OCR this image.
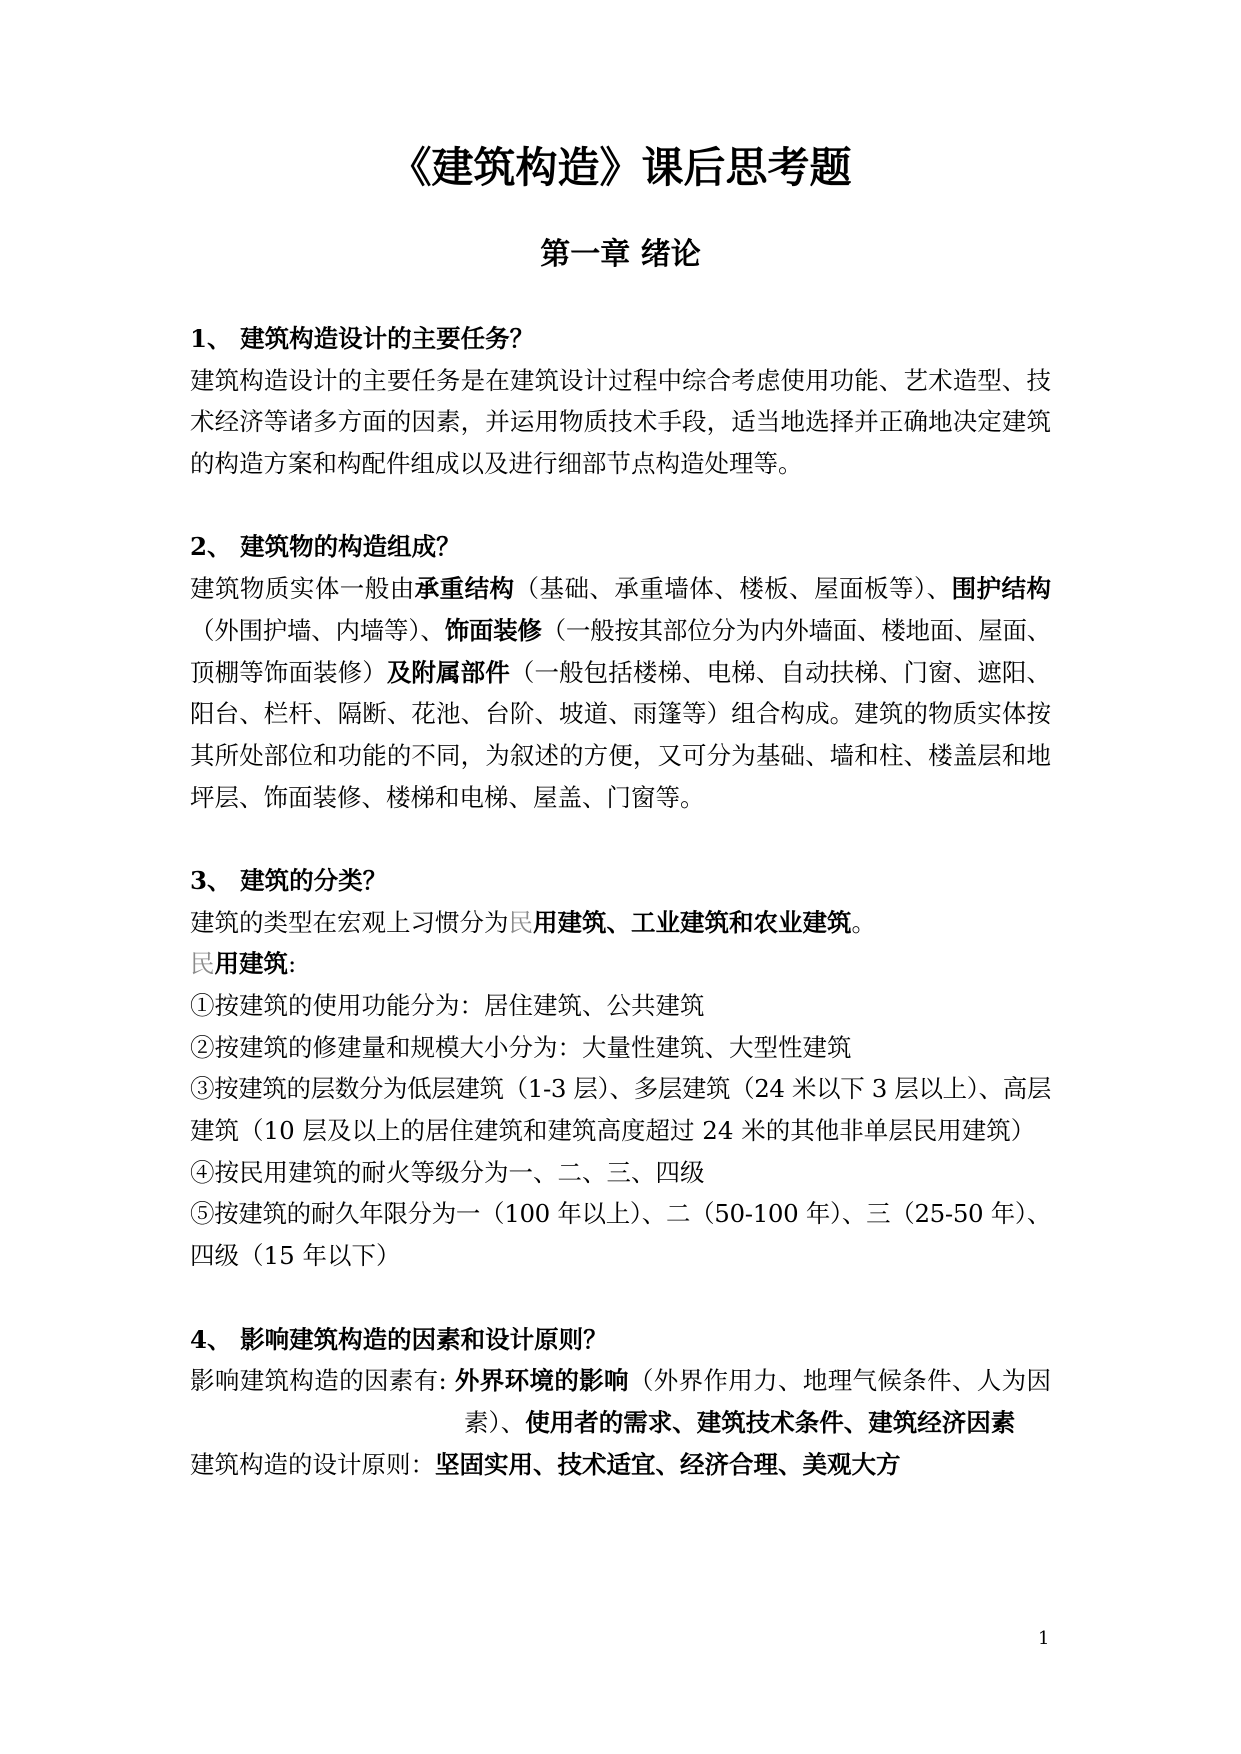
《建筑构造》课后思考题
第一章 绪论
1、 建筑构造设计的主要任务？
建筑构造设计的主要任务是在建筑设计过程中综合考虑使用功能、艺术造型、技
术经济等诸多方面的因素，并运用物质技术手段，适当地选择并正确地决定建筑
的构造方案和构配件组成以及进行细部节点构造处理等。
2、 建筑物的构造组成？
建筑物质实体一般由承重结构（基础、承重墙体、楼板、屋面板等）、围护结构
（外围护墙、内墙等）、饰面装修（一般按其部位分为内外墙面、楼地面、屋面、
顶棚等饰面装修）及附属部件（一般包括楼梯、电梯、自动扶梯、门窗、遮阳、
阳台、栏杆、隔断、花池、台阶、坡道、雨篷等）组合构成。建筑的物质实体按
其所处部位和功能的不同，为叙述的方便，又可分为基础、墙和柱、楼盖层和地
坪层、饰面装修、楼梯和电梯、屋盖、门窗等。
3、 建筑的分类？
建筑的类型在宏观上习惯分为民用建筑、工业建筑和农业建筑。
民用建筑:
①按建筑的使用功能分为：居住建筑、公共建筑
②按建筑的修建量和规模大小分为：大量性建筑、大型性建筑
③按建筑的层数分为低层建筑（1-3 层）、多层建筑（24 米以下 3 层以上）、高层
建筑（10 层及以上的居住建筑和建筑高度超过 24 米的其他非单层民用建筑）
④按民用建筑的耐火等级分为一、二、三、四级
⑤按建筑的耐久年限分为一（100 年以上）、二（50-100 年）、三（25-50 年）、
四级（15 年以下）
4、 影响建筑构造的因素和设计原则？
影响建筑构造的因素有: 外界环境的影响（外界作用力、地理气候条件、人为因
素）、使用者的需求、建筑技术条件、建筑经济因素
建筑构造的设计原则：坚固实用、技术适宜、经济合理、美观大方
1
